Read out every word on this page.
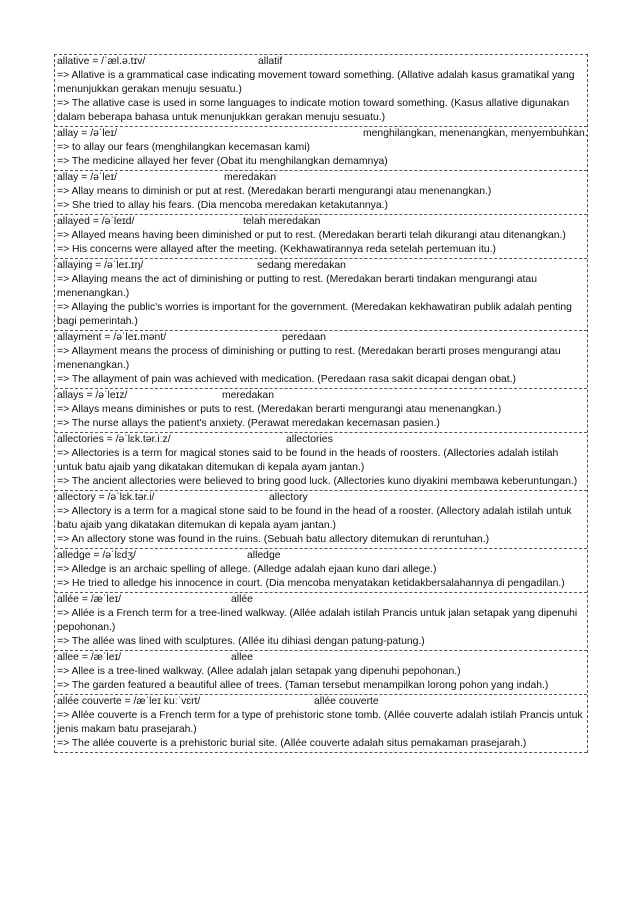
allative = /ˈæl.ə.tɪv/	allatif
=> Allative is a grammatical case indicating movement toward something. (Allative adalah kasus gramatikal yang menunjukkan gerakan menuju sesuatu.)
=> The allative case is used in some languages to indicate motion toward something. (Kasus allative digunakan dalam beberapa bahasa untuk menunjukkan gerakan menuju sesuatu.)
allay = /əˈleɪ/	menghilangkan, menenangkan, menyembuhkan.
=> to allay our fears (menghilangkan kecemasan kami)
=> The medicine allayed her fever (Obat itu menghilangkan demamnya)
allay = /əˈleɪ/	meredakan
=> Allay means to diminish or put at rest. (Meredakan berarti mengurangi atau menenangkan.)
=> She tried to allay his fears. (Dia mencoba meredakan ketakutannya.)
allayed = /əˈleɪd/	telah meredakan
=> Allayed means having been diminished or put to rest. (Meredakan berarti telah dikurangi atau ditenangkan.)
=> His concerns were allayed after the meeting. (Kekhawatirannya reda setelah pertemuan itu.)
allaying = /əˈleɪ.ɪŋ/	sedang meredakan
=> Allaying means the act of diminishing or putting to rest. (Meredakan berarti tindakan mengurangi atau menenangkan.)
=> Allaying the public's worries is important for the government. (Meredakan kekhawatiran publik adalah penting bagi pemerintah.)
allayment = /əˈleɪ.mənt/	peredaan
=> Allayment means the process of diminishing or putting to rest. (Meredakan berarti proses mengurangi atau menenangkan.)
=> The allayment of pain was achieved with medication. (Peredaan rasa sakit dicapai dengan obat.)
allays = /əˈleɪz/	meredakan
=> Allays means diminishes or puts to rest. (Meredakan berarti mengurangi atau menenangkan.)
=> The nurse allays the patient's anxiety. (Perawat meredakan kecemasan pasien.)
allectories = /əˈlɛk.tər.iːz/	allectories
=> Allectories is a term for magical stones said to be found in the heads of roosters. (Allectories adalah istilah untuk batu ajaib yang dikatakan ditemukan di kepala ayam jantan.)
=> The ancient allectories were believed to bring good luck. (Allectories kuno diyakini membawa keberuntungan.)
allectory = /əˈlɛk.tər.i/	allectory
=> Allectory is a term for a magical stone said to be found in the head of a rooster. (Allectory adalah istilah untuk batu ajaib yang dikatakan ditemukan di kepala ayam jantan.)
=> An allectory stone was found in the ruins. (Sebuah batu allectory ditemukan di reruntuhan.)
alledge = /əˈlɛdʒ/	alledge
=> Alledge is an archaic spelling of allege. (Alledge adalah ejaan kuno dari allege.)
=> He tried to alledge his innocence in court. (Dia mencoba menyatakan ketidakbersalahannya di pengadilan.)
allée = /æˈleɪ/	allée
=> Allée is a French term for a tree-lined walkway. (Allée adalah istilah Prancis untuk jalan setapak yang dipenuhi pepohonan.)
=> The allée was lined with sculptures. (Allée itu dihiasi dengan patung-patung.)
allee = /æˈleɪ/	allee
=> Allee is a tree-lined walkway. (Allee adalah jalan setapak yang dipenuhi pepohonan.)
=> The garden featured a beautiful allee of trees. (Taman tersebut menampilkan lorong pohon yang indah.)
allée couverte = /æˈleɪ kuːˈvɛrt/	allée couverte
=> Allée couverte is a French term for a type of prehistoric stone tomb. (Allée couverte adalah istilah Prancis untuk jenis makam batu prasejarah.)
=> The allée couverte is a prehistoric burial site. (Allée couverte adalah situs pemakaman prasejarah.)
